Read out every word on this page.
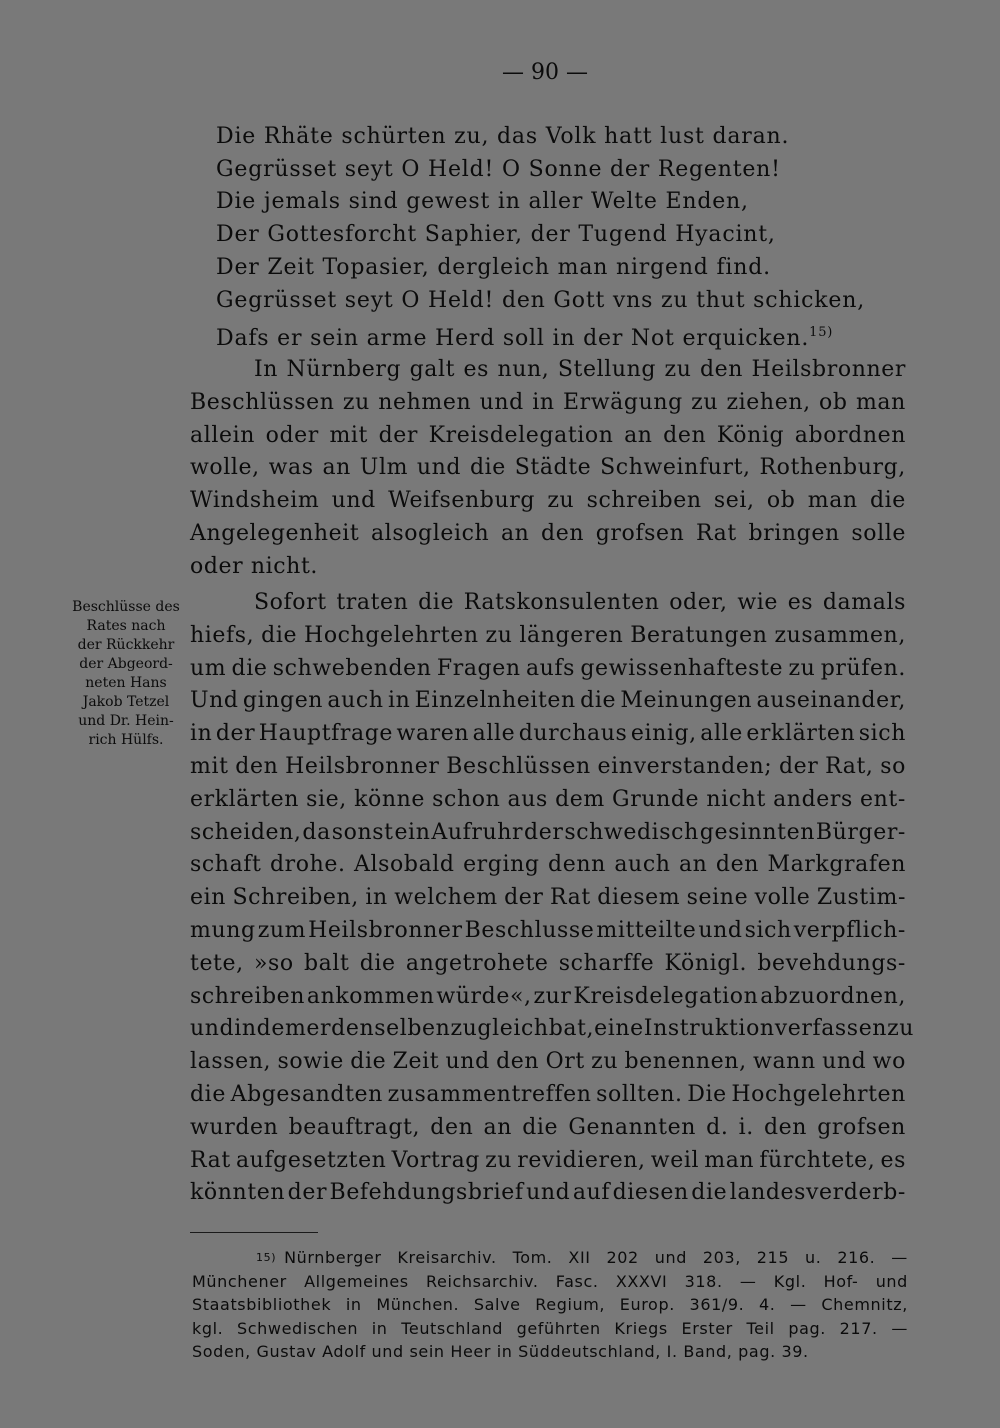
— 90 —
Die Rhäte schürten zu, das Volk hatt lust daran.
Gegrüsset seyt O Held! O Sonne der Regenten!
Die jemals sind gewest in aller Welte Enden,
Der Gottesforcht Saphier, der Tugend Hyacint,
Der Zeit Topasier, dergleich man nirgend find.
Gegrüsset seyt O Held! den Gott vns zu thut schicken,
Dafs er sein arme Herd soll in der Not erquicken.$^{15)}$
In Nürnberg galt es nun, Stellung zu den Heilsbronner
Beschlüssen zu nehmen und in Erwägung zu ziehen, ob man
allein oder mit der Kreisdelegation an den König abordnen
wolle, was an Ulm und die Städte Schweinfurt, Rothenburg,
Windsheim und Weifsenburg zu schreiben sei, ob man die
Angelegenheit alsogleich an den grofsen Rat bringen solle
oder nicht.
Beschlüsse des
Rates nach
der Rückkehr
der Abgeord-
neten Hans
Jakob Tetzel
und Dr. Hein-
rich Hülfs.
Sofort traten die Ratskonsulenten oder, wie es damals
hiefs, die Hochgelehrten zu längeren Beratungen zusammen,
um die schwebenden Fragen aufs gewissenhafteste zu prüfen.
Und gingen auch in Einzelnheiten die Meinungen auseinander,
in der Hauptfrage waren alle durchaus einig, alle erklärten sich
mit den Heilsbronner Beschlüssen einverstanden; der Rat, so
erklärten sie, könne schon aus dem Grunde nicht anders ent-
scheiden, da sonst ein Aufruhr der schwedisch gesinnten Bürger-
schaft drohe. Alsobald erging denn auch an den Markgrafen
ein Schreiben, in welchem der Rat diesem seine volle Zustim-
mung zum Heilsbronner Beschlusse mitteilte und sich verpflich-
tete, »so balt die angetrohete scharffe Königl. bevehdungs-
schreiben ankommen würde«, zur Kreisdelegation abzuordnen,
und in dem er denselben zugleich bat, eine Instruktion verfassen zu
lassen, sowie die Zeit und den Ort zu benennen, wann und wo
die Abgesandten zusammentreffen sollten. Die Hochgelehrten
wurden beauftragt, den an die Genannten d. i. den grofsen
Rat aufgesetzten Vortrag zu revidieren, weil man fürchtete, es
könnten der Befehdungsbrief und auf diesen die landesverderb-
15) Nürnberger Kreisarchiv. Tom. XII 202 und 203, 215 u. 216. —
Münchener Allgemeines Reichsarchiv. Fasc. XXXVI 318. — Kgl. Hof- und
Staatsbibliothek in München. Salve Regium, Europ. 361/9. 4. — Chemnitz,
kgl. Schwedischen in Teutschland geführten Kriegs Erster Teil pag. 217. —
Soden, Gustav Adolf und sein Heer in Süddeutschland, I. Band, pag. 39.
